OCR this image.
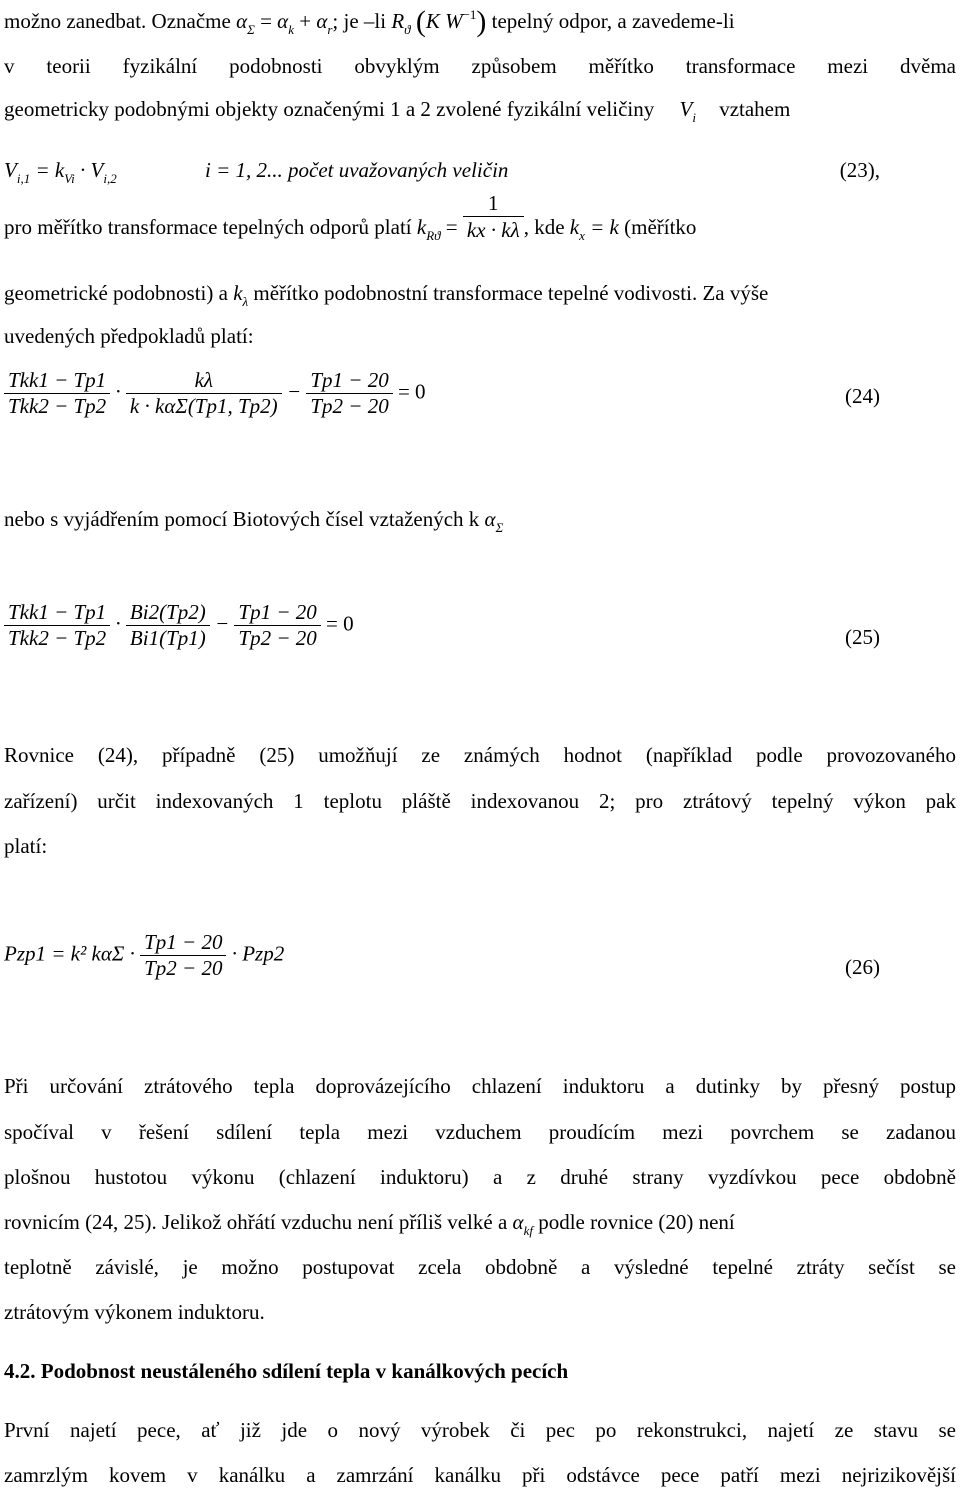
možno zanedbat. Označme $\alpha_\Sigma = \alpha_k + \alpha_r$; je –li $R_ϑ$ (K $W^{-1}$) tepelný odpor, a zavedeme-li
v teorii fyzikální podobnosti obvyklým způsobem měřítko transformace mezi dvěma
geometricky podobnými objekty označenými 1 a 2 zvolené fyzikální veličiny $V_i$ vztahem
$V_{i,1} = k_{Vi} \cdot V_{i,2}$	i = 1, 2... počet uvažovaných veličin	(23),
pro měřítko transformace tepelných odporů platí $k_{Rϑ} = \frac{1}{kx \cdot k\lambda}$ , kde $k_x = k$ (měřítko
geometrické podobnosti) a $k_\lambda$ měřítko podobnostní transformace tepelné vodivosti. Za výše
uvedených předpokladů platí:
$\frac{\text{Tkk1 − Tp1}}{\text{Tkk2 − Tp2}} \cdot \frac{k\lambda}{\text{k · kαΣ(Tp1, Tp2)}} - \frac{Tp1 - 20}{Tp2 - 20} = 0$	(24)
nebo s vyjádřením pomocí Biotových čísel vztažených k $\alpha_\Sigma$
$\frac{\text{Tkk1 − Tp1}}{\text{Tkk2 − Tp2}} \cdot \frac{Bi2(Tp2)}{Bi1(Tp1)} - \frac{Tp1 - 20}{Tp2 - 20} = 0$
(25)
Rovnice (24), případně (25) umožňují ze známých hodnot (například podle provozovaného
zařízení) určit indexovaných 1 teplotu pláště indexovanou 2; pro ztrátový tepelný výkon pak
platí:
Pzp1 = k² $k\alpha\Sigma \cdot \frac{Tp1 - 20}{Tp2 - 20} \cdot Pzp2$
(26)
Při určování ztrátového tepla doprovázejícího chlazení induktoru a dutinky by přesný postup
spočíval v řešení sdílení tepla mezi vzduchem proudícím mezi povrchem se zadanou
plošnou hustotou výkonu (chlazení induktoru) a z druhé strany vyzdívkou pece obdobně
rovnicím (24, 25). Jelikož ohřátí vzduchu není příliš velké a $\alpha_{kf}$ podle rovnice (20) není
teplotně závislé, je možno postupovat zcela obdobně a výsledné tepelné ztráty sečíst se
ztrátovým výkonem induktoru.
4.2. Podobnost neustáleného sdílení tepla v kanálkových pecích
První najetí pece, ať již jde o nový výrobek či pec po rekonstrukci, najetí ze stavu se
zamrzlým kovem v kanálku a zamrzání kanálku při odstávce pece patří mezi nejrizikovější
